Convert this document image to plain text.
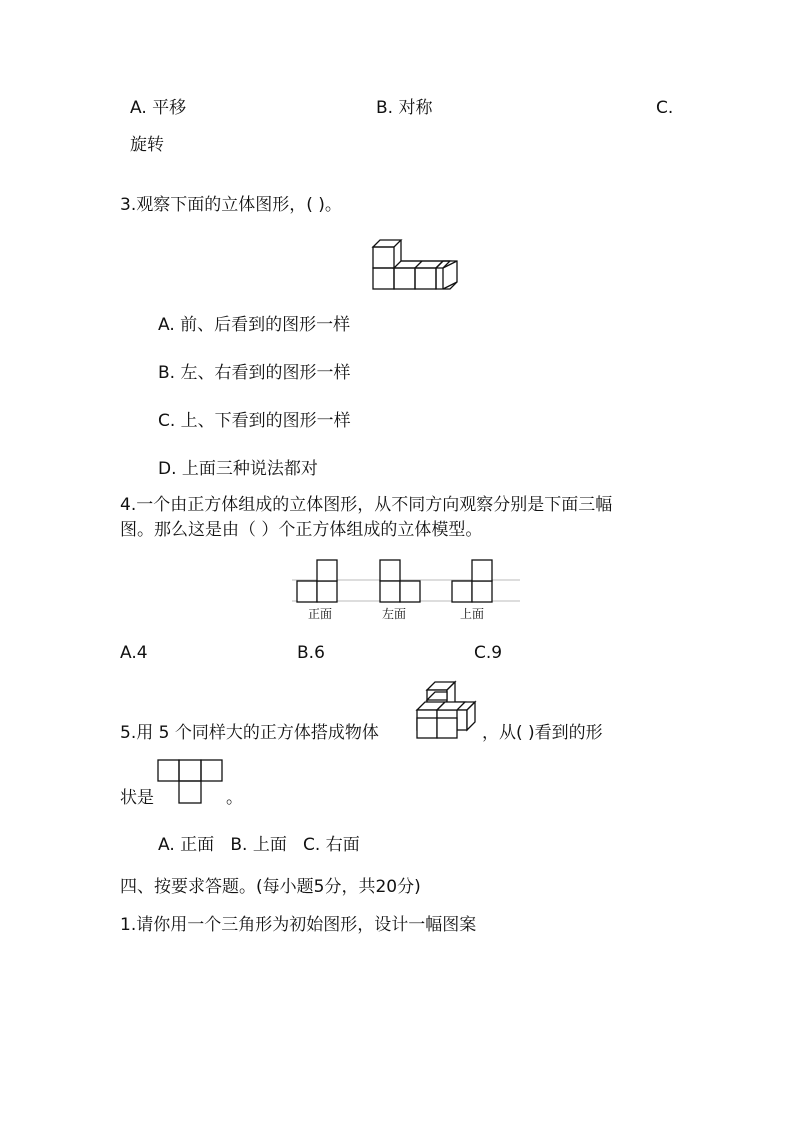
A. 平移	B. 对称	C.
旋转
3.观察下面的立体图形，( )。
A. 前、后看到的图形一样
B. 左、右看到的图形一样
C. 上、下看到的图形一样
D. 上面三种说法都对
4.一个由正方体组成的立体图形，从不同方向观察分别是下面三幅
图。那么这是由（ ）个正方体组成的立体模型。
正面	左面	上面
A.4	B.6	C.9
5.用 5 个同样大的正方体搭成物体	，从( )看到的形
状是	。
A. 正面   B. 上面   C. 右面
四、按要求答题。(每小题5分，共20分)
1.请你用一个三角形为初始图形，设计一幅图案
